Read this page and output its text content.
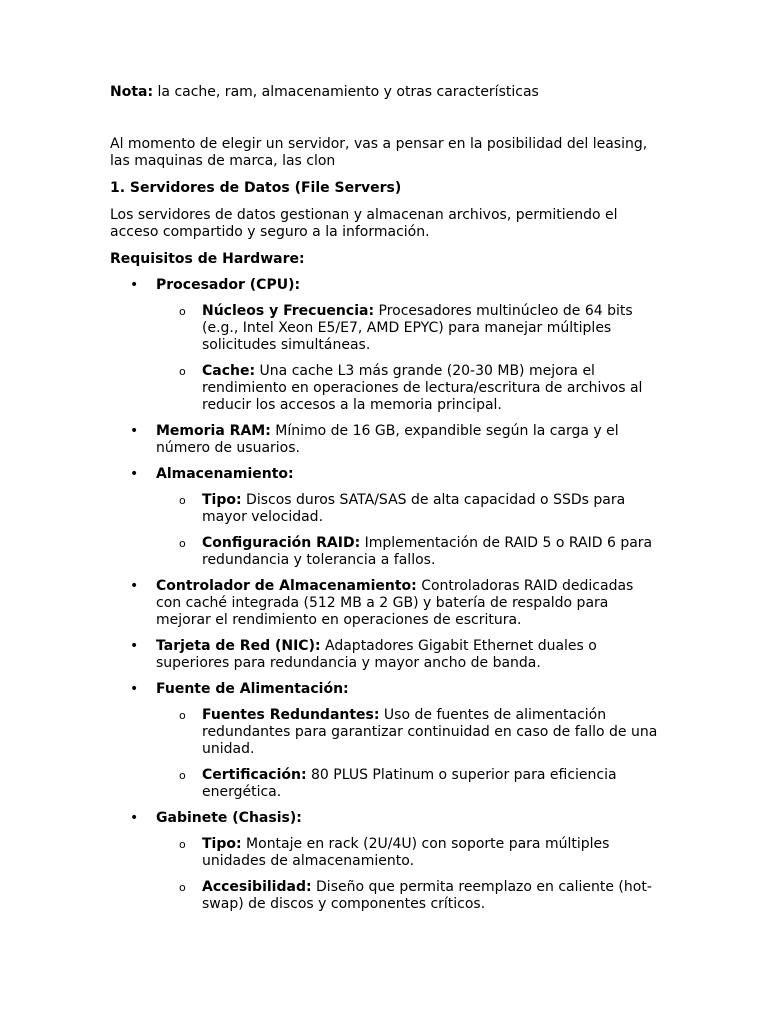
Nota: la cache, ram, almacenamiento y otras características

Al momento de elegir un servidor, vas a pensar en la posibilidad del leasing, las maquinas de marca, las clon

1. Servidores de Datos (File Servers)

Los servidores de datos gestionan y almacenan archivos, permitiendo el acceso compartido y seguro a la información.

Requisitos de Hardware:

• Procesador (CPU):
o Núcleos y Frecuencia: Procesadores multinúcleo de 64 bits (e.g., Intel Xeon E5/E7, AMD EPYC) para manejar múltiples solicitudes simultáneas.
o Cache: Una cache L3 más grande (20-30 MB) mejora el rendimiento en operaciones de lectura/escritura de archivos al reducir los accesos a la memoria principal.
• Memoria RAM: Mínimo de 16 GB, expandible según la carga y el número de usuarios.
• Almacenamiento:
o Tipo: Discos duros SATA/SAS de alta capacidad o SSDs para mayor velocidad.
o Configuración RAID: Implementación de RAID 5 o RAID 6 para redundancia y tolerancia a fallos.
• Controlador de Almacenamiento: Controladoras RAID dedicadas con caché integrada (512 MB a 2 GB) y batería de respaldo para mejorar el rendimiento en operaciones de escritura.
• Tarjeta de Red (NIC): Adaptadores Gigabit Ethernet duales o superiores para redundancia y mayor ancho de banda.
• Fuente de Alimentación:
o Fuentes Redundantes: Uso de fuentes de alimentación redundantes para garantizar continuidad en caso de fallo de una unidad.
o Certificación: 80 PLUS Platinum o superior para eficiencia energética.
• Gabinete (Chasis):
o Tipo: Montaje en rack (2U/4U) con soporte para múltiples unidades de almacenamiento.
o Accesibilidad: Diseño que permita reemplazo en caliente (hot-swap) de discos y componentes críticos.
